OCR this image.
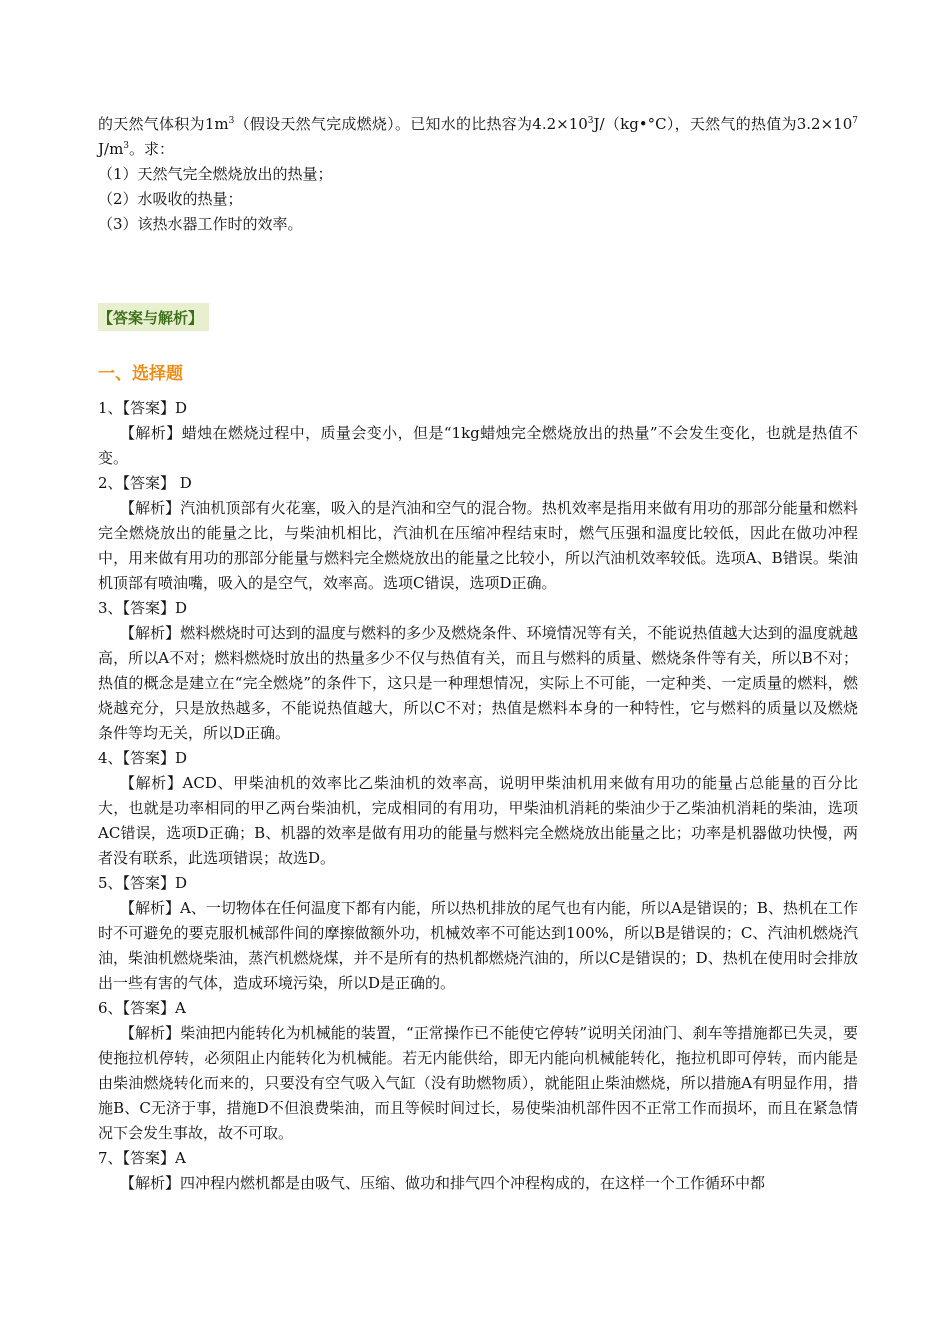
的天然气体积为$1m^3$（假设天然气完成燃烧）。已知水的比热容为$4.2\times 10^3J/(kg•^\circ C)$，天然气的热值为$3.2\times 10^7J/m^3$。求：

（1）天然气完全燃烧放出的热量；

（2）水吸收的热量；

（3）该热水器工作时的效率。

【答案与解析】
一、选择题

1、【答案】D

【解析】蜡烛在燃烧过程中，质量会变小，但是“1kg蜡烛完全燃烧放出的热量”不会发生变化，也就是热值不变。

2、【答案】 D

【解析】汽油机顶部有火花塞，吸入的是汽油和空气的混合物。热机效率是指用来做有用功的那部分能量和燃料完全燃烧放出的能量之比，与柴油机相比，汽油机在压缩冲程结束时，燃气压强和温度比较低，因此在做功冲程中，用来做有用功的那部分能量与燃料完全燃烧放出的能量之比较小，所以汽油机效率较低。选项A、B错误。柴油机顶部有喷油嘴，吸入的是空气，效率高。选项C错误，选项D正确。

3、【答案】D

【解析】燃料燃烧时可达到的温度与燃料的多少及燃烧条件、环境情况等有关，不能说热值越大达到的温度就越高，所以A不对；燃料燃烧时放出的热量多少不仅与热值有关，而且与燃料的质量、燃烧条件等有关，所以B不对；热值的概念是建立在“完全燃烧”的条件下，这只是一种理想情况，实际上不可能，一定种类、一定质量的燃料，燃烧越充分，只是放热越多，不能说热值越大，所以C不对；热值是燃料本身的一种特性，它与燃料的质量以及燃烧条件等均无关，所以D正确。

4、【答案】D

【解析】ACD、甲柴油机的效率比乙柴油机的效率高，说明甲柴油机用来做有用功的能量占总能量的百分比大，也就是功率相同的甲乙两台柴油机，完成相同的有用功，甲柴油机消耗的柴油少于乙柴油机消耗的柴油，选项AC错误，选项D正确；B、机器的效率是做有用功的能量与燃料完全燃烧放出能量之比；功率是机器做功快慢，两者没有联系，此选项错误；故选D。

5、【答案】D

【解析】A、一切物体在任何温度下都有内能，所以热机排放的尾气也有内能，所以A是错误的；B、热机在工作时不可避免的要克服机械部件间的摩擦做额外功，机械效率不可能达到100%，所以B是错误的；C、汽油机燃烧汽油，柴油机燃烧柴油，蒸汽机燃烧煤，并不是所有的热机都燃烧汽油的，所以C是错误的；D、热机在使用时会排放出一些有害的气体，造成环境污染，所以D是正确的。

6、【答案】A

【解析】柴油把内能转化为机械能的装置，“正常操作已不能使它停转”说明关闭油门、刹车等措施都已失灵，要使拖拉机停转，必须阻止内能转化为机械能。若无内能供给，即无内能向机械能转化，拖拉机即可停转，而内能是由柴油燃烧转化而来的，只要没有空气吸入气缸（没有助燃物质），就能阻止柴油燃烧，所以措施A有明显作用，措施B、C无济于事，措施D不但浪费柴油，而且等候时间过长，易使柴油机部件因不正常工作而损坏，而且在紧急情况下会发生事故，故不可取。

7、【答案】A

【解析】四冲程内燃机都是由吸气、压缩、做功和排气四个冲程构成的，在这样一个工作循环中都
